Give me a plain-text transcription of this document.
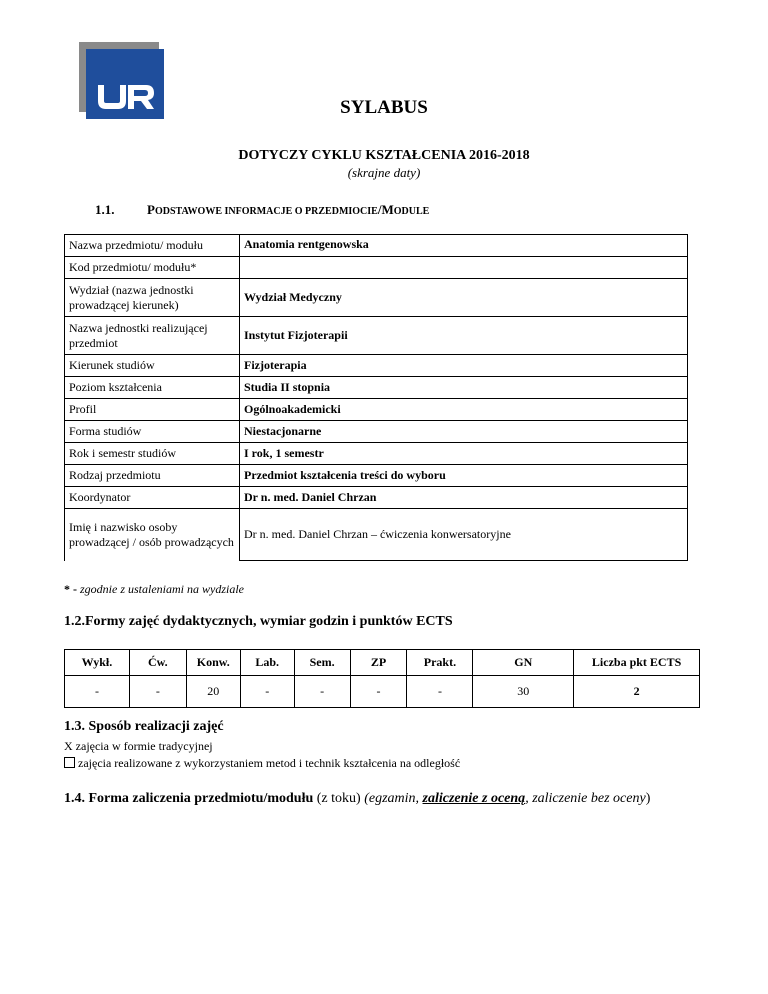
SYLABUS
DOTYCZY CYKLU KSZTAŁCENIA 2016-2018
(skrajne daty)
1.1.	PODSTAWOWE INFORMACJE O PRZEDMIOCIE/MODULE
Nazwa przedmiotu/ modułu	Anatomia rentgenowska
Kod przedmiotu/ modułu*	
Wydział (nazwa jednostki prowadzącej kierunek)	Wydział Medyczny
Nazwa jednostki realizującej przedmiot	Instytut Fizjoterapii
Kierunek studiów	Fizjoterapia
Poziom kształcenia	Studia II stopnia
Profil	Ogólnoakademicki
Forma studiów	Niestacjonarne
Rok i semestr studiów	I rok, 1 semestr
Rodzaj przedmiotu	Przedmiot kształcenia treści do wyboru
Koordynator	Dr n. med. Daniel Chrzan
Imię i nazwisko osoby prowadzącej / osób prowadzących	Dr n. med. Daniel Chrzan – ćwiczenia konwersatoryjne
* - zgodnie z ustaleniami na wydziale
1.2.Formy zajęć dydaktycznych, wymiar godzin i punktów ECTS
Wykł.	Ćw.	Konw.	Lab.	Sem.	ZP	Prakt.	GN	Liczba pkt ECTS
-	-	20	-	-	-	-	30	2
1.3. Sposób realizacji zajęć
X zajęcia w formie tradycyjnej
zajęcia realizowane z wykorzystaniem metod i technik kształcenia na odległość
1.4. Forma zaliczenia przedmiotu/modułu (z toku) (egzamin, zaliczenie z oceną, zaliczenie bez oceny)
